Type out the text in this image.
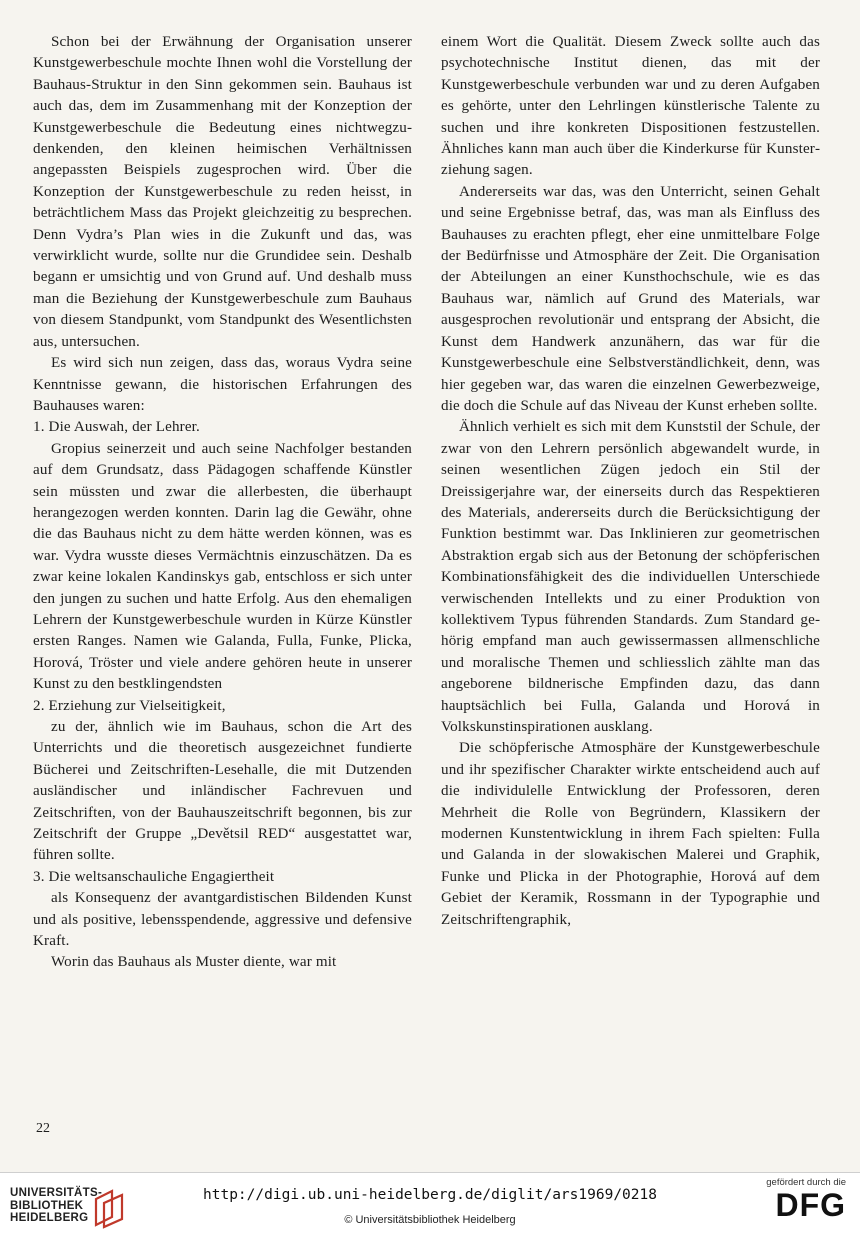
Schon bei der Erwähnung der Organisation unserer Kunstgewerbeschule mochte Ihnen wohl die Vorstellung der Bauhaus-Struktur in den Sinn gekommen sein. Bauhaus ist auch das, dem im Zusammenhang mit der Konzeption der Kunstgewerbeschule die Bedeutung eines nichtwegzudenkenden, den kleinen heimischen Verhältnissen angepassten Beispiels zugesprochen wird. Über die Konzeption der Kunstgewerbeschule zu reden heisst, in beträchtlichem Mass das Projekt gleichzeitig zu besprechen. Denn Vydra’s Plan wies in die Zukunft und das, was verwirklicht wurde, sollte nur die Grundidee sein. Deshalb begann er umsichtig und von Grund auf. Und deshalb muss man die Beziehung der Kunstgewerbeschule zum Bauhaus von diesem Standpunkt, vom Standpunkt des Wesentlichsten aus, untersuchen.

Es wird sich nun zeigen, dass das, woraus Vydra seine Kenntnisse gewann, die historischen Erfahrungen des Bauhauses waren:

1. Die Auswah, der Lehrer.

Gropius seinerzeit und auch seine Nachfolger bestanden auf dem Grundsatz, dass Pädagogen schaffende Künstler sein müssten und zwar die allerbesten, die überhaupt herangezogen werden konnten. Darin lag die Gewähr, ohne die das Bauhaus nicht zu dem hätte werden können, was es war. Vydra wusste dieses Vermächtnis einzuschätzen. Da es zwar keine lokalen Kandinskys gab, entschloss er sich unter den jungen zu suchen und hatte Erfolg. Aus den ehemaligen Lehrern der Kunstgewerbeschule wurden in Kürze Künstler ersten Ranges. Namen wie Galanda, Fulla, Funke, Plicka, Horová, Tröster und viele andere gehören heute in unserer Kunst zu den bestklingendsten

2. Erziehung zur Vielseitigkeit,

zu der, ähnlich wie im Bauhaus, schon die Art des Unterrichts und die theoretisch ausgezeichnet fundierte Bücherei und Zeitschriften-Lesehalle, die mit Dutzenden ausländischer und inländischer Fachrevuen und Zeitschriften, von der Bauhauszeitschrift begonnen, bis zur Zeitschrift der Gruppe „Devětsil RED“ ausgestattet war, führen sollte.

3. Die weltsanschauliche Engagiertheit

als Konsequenz der avantgardistischen Bildenden Kunst und als positive, lebensspendende, aggressive und defensive Kraft.

Worin das Bauhaus als Muster diente, war mit

einem Wort die Qualität. Diesem Zweck sollte auch das psychotechnische Institut dienen, das mit der Kunstgewerbeschule verbunden war und zu deren Aufgaben es gehörte, unter den Lehrlingen künstlerische Talente zu suchen und ihre konkreten Dispositionen festzustellen. Ähnliches kann man auch über die Kinderkurse für Kunsterziehung sagen.

Andererseits war das, was den Unterricht, seinen Gehalt und seine Ergebnisse betraf, das, was man als Einfluss des Bauhauses zu erachten pflegt, eher eine unmittelbare Folge der Bedürfnisse und Atmosphäre der Zeit. Die Organisation der Abteilungen an einer Kunsthochschule, wie es das Bauhaus war, nämlich auf Grund des Materials, war ausgesprochen revolutionär und entsprang der Absicht, die Kunst dem Handwerk anzunähern, das war für die Kunstgewerbeschule eine Selbstverständlichkeit, denn, was hier gegeben war, das waren die einzelnen Gewerbezweige, die doch die Schule auf das Niveau der Kunst erheben sollte.

Ähnlich verhielt es sich mit dem Kunststil der Schule, der zwar von den Lehrern persönlich abgewandelt wurde, in seinen wesentlichen Zügen jedoch ein Stil der Dreissigerjahre war, der einerseits durch das Respektieren des Materials, andererseits durch die Berücksichtigung der Funktion bestimmt war. Das Inklinieren zur geometrischen Abstraktion ergab sich aus der Betonung der schöpferischen Kombinationsfähigkeit des die individuellen Unterschiede verwischenden Intellekts und zu einer Produktion von kollektivem Typus führenden Standards. Zum Standard gehörig empfand man auch gewissermassen allmenschliche und moralische Themen und schliesslich zählte man das angeborene bildnerische Empfinden dazu, das dann hauptsächlich bei Fulla, Galanda und Horová in Volkskunstinspirationen ausklang.

Die schöpferische Atmosphäre der Kunstgewerbeschule und ihr spezifischer Charakter wirkte entscheidend auch auf die individulelle Entwicklung der Professoren, deren Mehrheit die Rolle von Begründern, Klassikern der modernen Kunstentwicklung in ihrem Fach spielten: Fulla und Galanda in der slowakischen Malerei und Graphik, Funke und Plicka in der Photographie, Horová auf dem Gebiet der Keramik, Rossmann in der Typographie und Zeitschriftengraphik,

22
UNIVERSITÄTS-
BIBLIOTHEK
HEIDELBERG
http://digi.ub.uni-heidelberg.de/diglit/ars1969/0218
© Universitätsbibliothek Heidelberg
gefördert durch die
DFG
